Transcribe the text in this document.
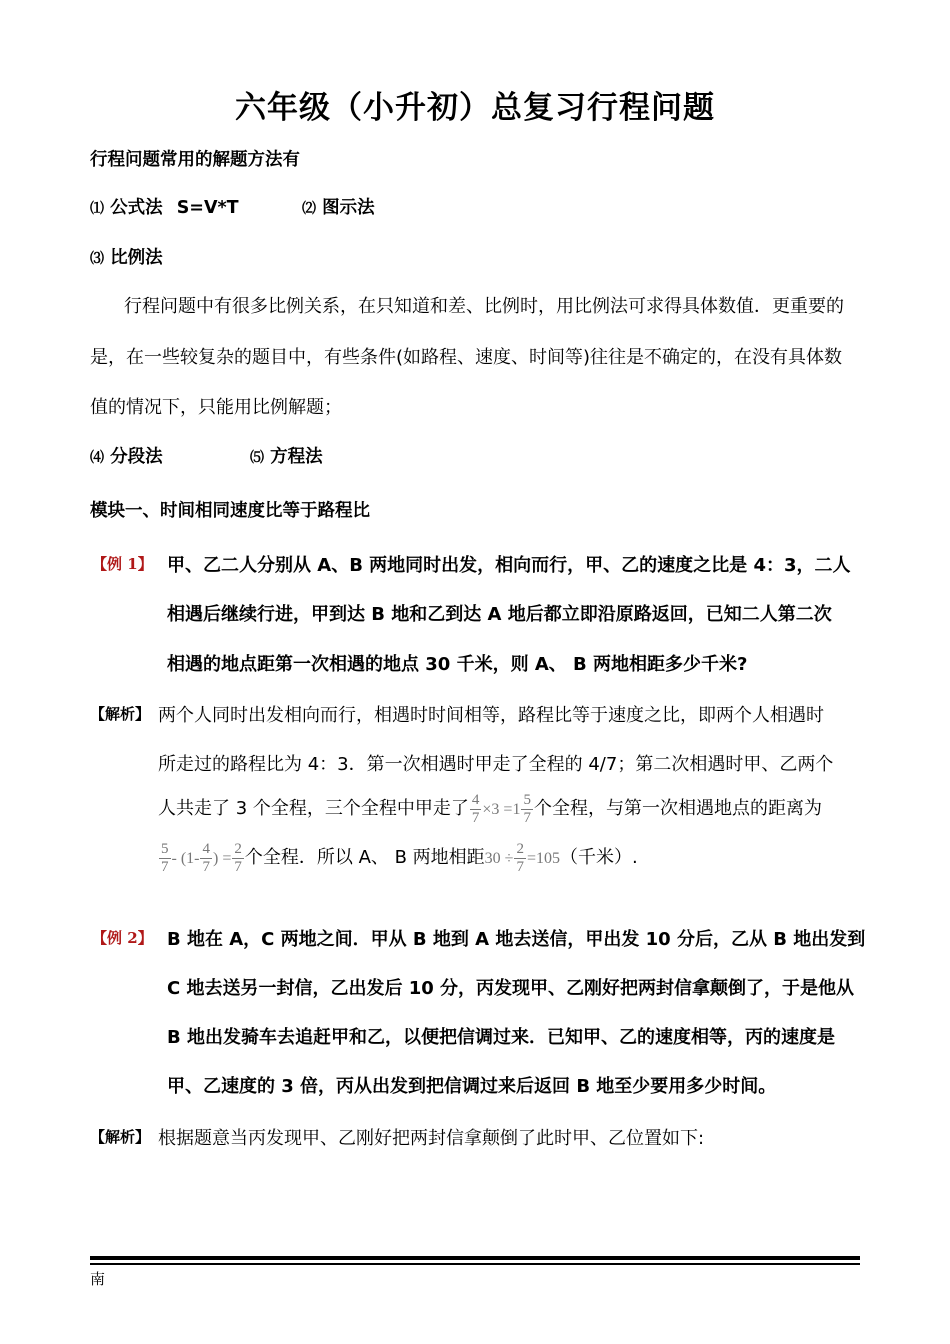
六年级（小升初）总复习行程问题
行程问题常用的解题方法有
⑴ 公式法 S=V*T	⑵ 图示法
⑶ 比例法
行程问题中有很多比例关系，在只知道和差、比例时，用比例法可求得具体数值．更重要的
是，在一些较复杂的题目中，有些条件(如路程、速度、时间等)往往是不确定的，在没有具体数
值的情况下，只能用比例解题；
⑷ 分段法	⑸ 方程法
模块一、时间相同速度比等于路程比
【例 1】 甲、乙二人分别从 A、B 两地同时出发，相向而行，甲、乙的速度之比是 4：3，二人
相遇后继续行进，甲到达 B 地和乙到达 A 地后都立即沿原路返回，已知二人第二次
相遇的地点距第一次相遇的地点 30 千米，则 A、 B 两地相距多少千米?
【解析】 两个人同时出发相向而行，相遇时时间相等，路程比等于速度之比，即两个人相遇时
所走过的路程比为 4：3．第一次相遇时甲走了全程的 4/7；第二次相遇时甲、乙两个
人共走了 3 个全程，三个全程中甲走了 $\frac{4}{7} \times 3 =1 \frac{5}{7}$ 个全程，与第一次相遇地点的距离为
$\frac{5}{7} - (1- \frac{4}{7}$ ) = $\frac{2}{7}$ 个全程．所以 A、 B 两地相距$30 \div \frac{2}{7} =105$（千米）.
【例 2】 B 地在 A，C 两地之间．甲从 B 地到 A 地去送信，甲出发 10 分后，乙从 B 地出发到
C 地去送另一封信，乙出发后 10 分，丙发现甲、乙刚好把两封信拿颠倒了，于是他从
B 地出发骑车去追赶甲和乙，以便把信调过来．已知甲、乙的速度相等，丙的速度是
甲、乙速度的 3 倍，丙从出发到把信调过来后返回 B 地至少要用多少时间。
【解析】 根据题意当丙发现甲、乙刚好把两封信拿颠倒了此时甲、乙位置如下:
南
